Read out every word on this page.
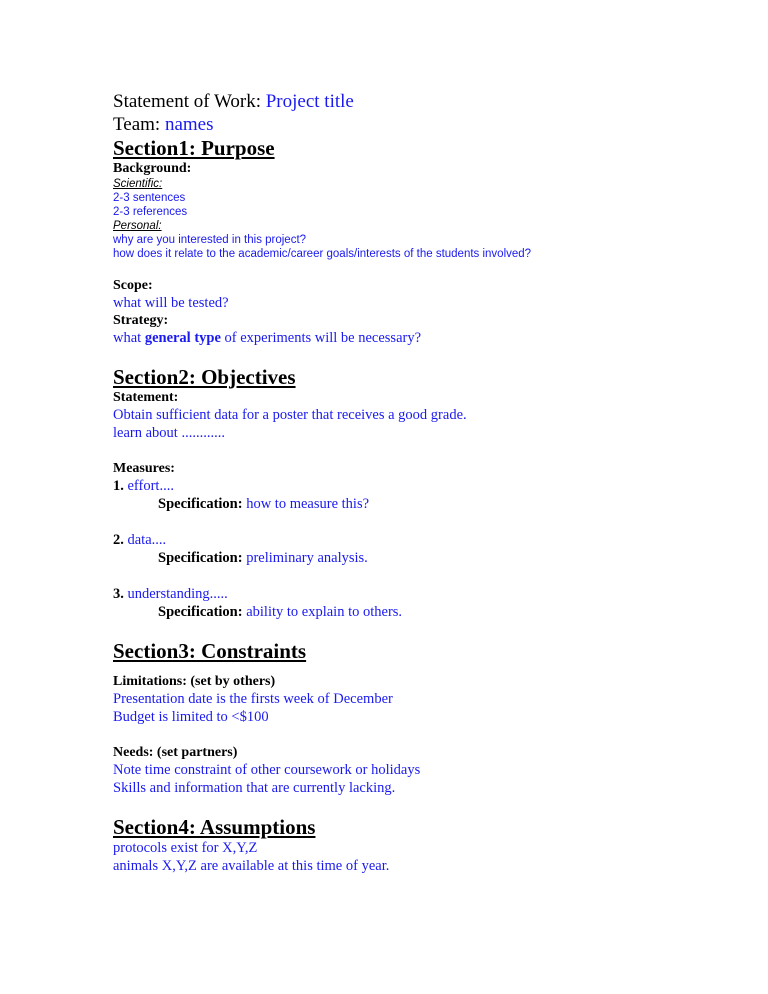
Statement of Work: Project title
Team: names
Section1: Purpose
Background:
Scientific:
2-3 sentences
2-3 references
Personal:
why are you interested in this project?
how does it relate to the academic/career goals/interests of the students involved?
Scope:
what will be tested?
Strategy:
what general type of experiments will be necessary?
Section2: Objectives
Statement:
Obtain sufficient data for a poster that receives a good grade.
learn about ............
Measures:
1. effort....
Specification: how to measure this?
2. data....
Specification: preliminary analysis.
3. understanding.....
Specification: ability to explain to others.
Section3: Constraints
Limitations: (set by others)
Presentation date is the firsts week of December
Budget is limited to <$100
Needs: (set partners)
Note time constraint of other coursework or holidays
Skills and information that are currently lacking.
Section4: Assumptions
protocols exist for X,Y,Z
animals X,Y,Z are available at this time of year.
